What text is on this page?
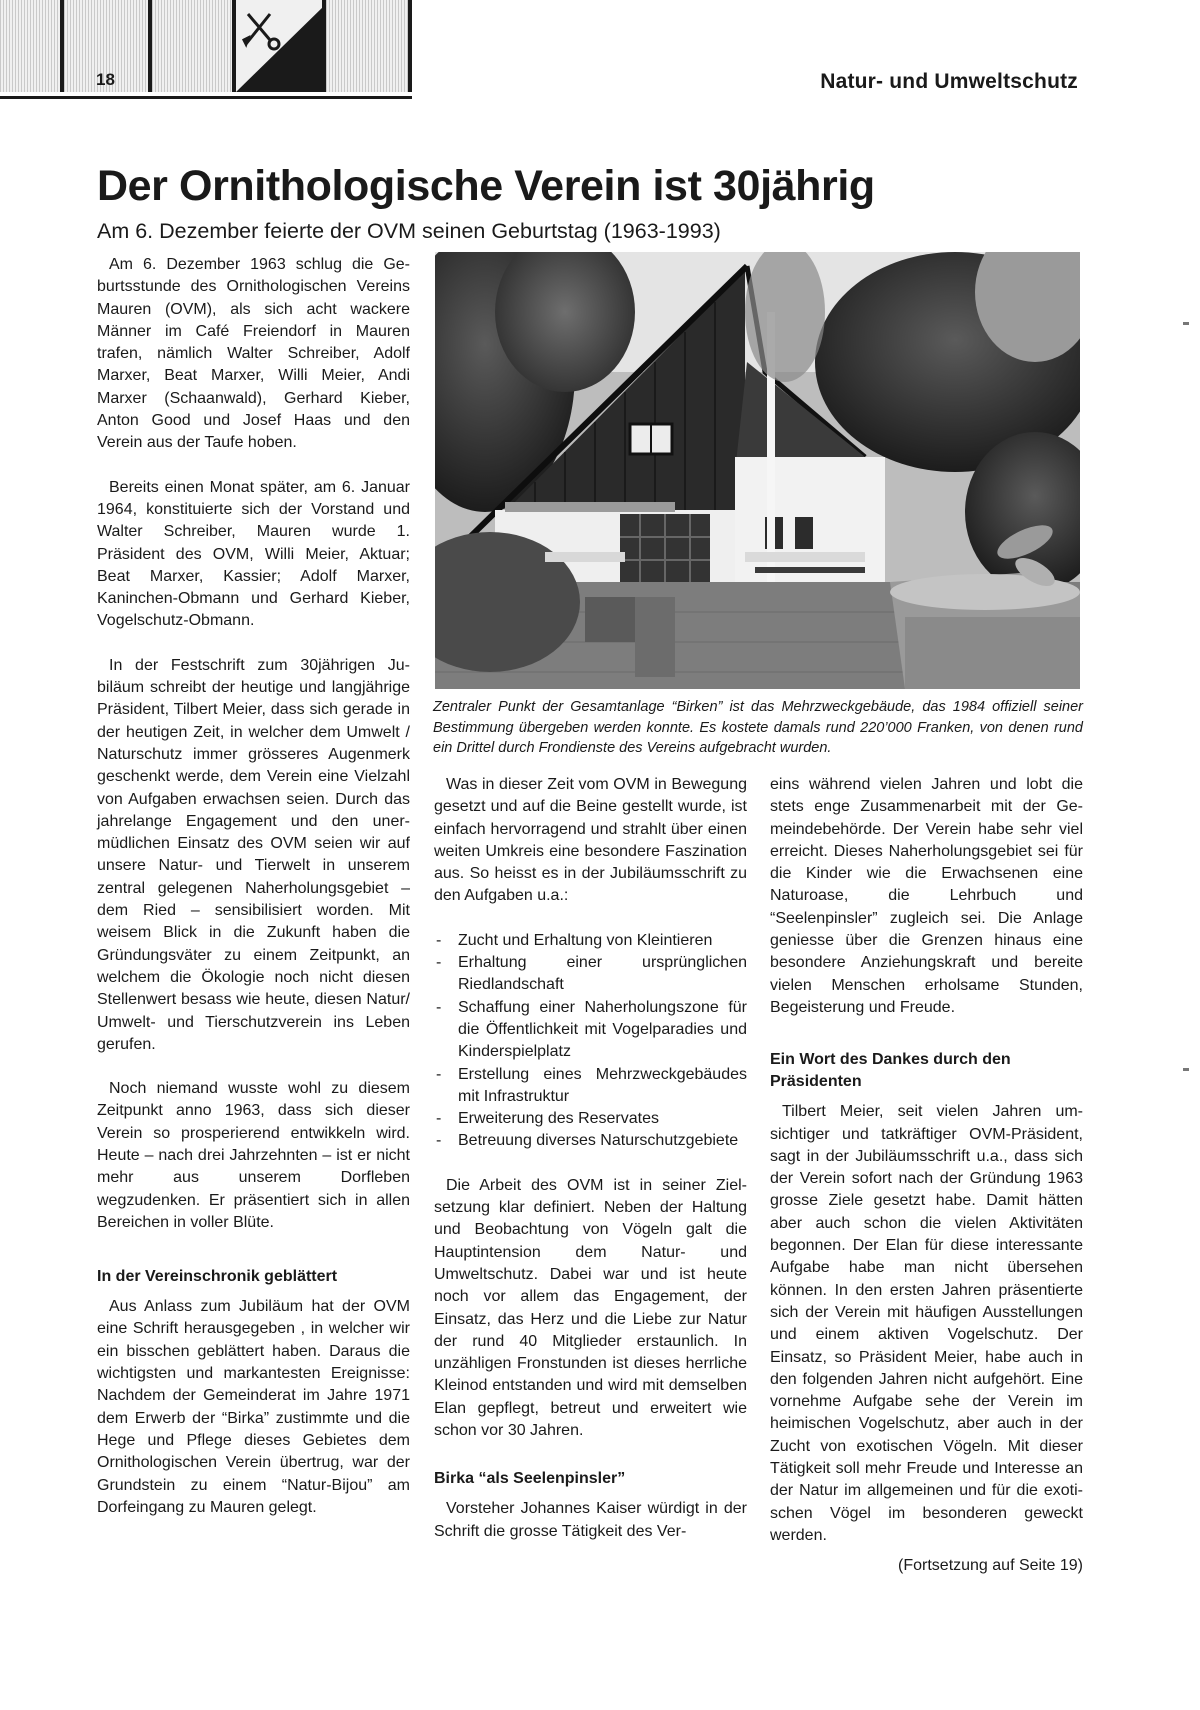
18	Natur- und Umweltschutz
Der Ornithologische Verein ist 30jährig
Am 6. Dezember feierte der OVM seinen Geburtstag (1963-1993)

Am 6. Dezember 1963 schlug die Geburtsstunde des Ornithologischen Vereins Mauren (OVM), als sich acht wackere Männer im Café Freiendorf in Mauren trafen, nämlich Walter Schreiber, Adolf Marxer, Beat Marxer, Willi Meier, Andi Marxer (Schaanwald), Gerhard Kieber, Anton Good und Josef Haas und den Verein aus der Taufe hoben.

Bereits einen Monat später, am 6. Januar 1964, konstituierte sich der Vorstand und Walter Schreiber, Mauren wurde 1. Präsident des OVM, Willi Meier, Aktuar; Beat Marxer, Kassier; Adolf Marxer, Kaninchen-Obmann und Gerhard Kieber, Vogelschutz-Obmann.

In der Festschrift zum 30jährigen Jubiläum schreibt der heutige und langjährige Präsident, Tilbert Meier, dass sich gerade in der heutigen Zeit, in welcher dem Umwelt / Naturschutz immer grösseres Augenmerk geschenkt werde, dem Verein eine Vielzahl von Aufgaben erwachsen seien. Durch das jahrelange Engagement und den unermüdlichen Einsatz des OVM seien wir auf unsere Natur- und Tierwelt in unserem zentral gelegenen Naherholungsgebiet – dem Ried – sensibilisiert worden. Mit weisem Blick in die Zukunft haben die Gründungsväter zu einem Zeitpunkt, an welchem die Ökologie noch nicht diesen Stellenwert besass wie heute, diesen Natur/ Umwelt- und Tierschutzverein ins Leben gerufen.

Noch niemand wusste wohl zu diesem Zeitpunkt anno 1963, dass sich dieser Verein so prosperierend entwikkeln wird. Heute – nach drei Jahrzehnten – ist er nicht mehr aus unserem Dorfleben wegzudenken. Er präsentiert sich in allen Bereichen in voller Blüte.

In der Vereinschronik geblättert

Aus Anlass zum Jubiläum hat der OVM eine Schrift herausgegeben , in welcher wir ein bisschen geblättert haben. Daraus die wichtigsten und markantesten Ereignisse: Nachdem der Gemeinderat im Jahre 1971 dem Erwerb der “Birka” zustimmte und die Hege und Pflege dieses Gebietes dem Ornithologischen Verein übertrug, war der Grundstein zu einem “Natur-Bijou” am Dorfeingang zu Mauren gelegt.

Zentraler Punkt der Gesamtanlage “Birken” ist das Mehrzweckgebäude, das 1984 offiziell seiner Bestimmung übergeben werden konnte. Es kostete damals rund 220’000 Franken, von denen rund ein Drittel durch Frondienste des Vereins aufgebracht wurden.

Was in dieser Zeit vom OVM in Bewegung gesetzt und auf die Beine gestellt wurde, ist einfach hervorragend und strahlt über einen weiten Umkreis eine besondere Faszination aus. So heisst es in der Jubiläumsschrift zu den Aufgaben u.a.:

- Zucht und Erhaltung von Kleintieren
- Erhaltung einer ursprünglichen Riedlandschaft
- Schaffung einer Naherholungszone für die Öffentlichkeit mit Vogelparadies und Kinderspielplatz
- Erstellung eines Mehrzweckgebäudes mit Infrastruktur
- Erweiterung des Reservates
- Betreuung diverses Naturschutzgebiete

Die Arbeit des OVM ist in seiner Zielsetzung klar definiert. Neben der Haltung und Beobachtung von Vögeln galt die Hauptintension dem Natur- und Umweltschutz. Dabei war und ist heute noch vor allem das Engagement, der Einsatz, das Herz und die Liebe zur Natur der rund 40 Mitglieder erstaunlich. In unzähligen Fronstunden ist dieses herrliche Kleinod entstanden und wird mit demselben Elan gepflegt, betreut und erweitert wie schon vor 30 Jahren.

Birka “als Seelenpinsler”

Vorsteher Johannes Kaiser würdigt in der Schrift die grosse Tätigkeit des Ver-

eins während vielen Jahren und lobt die stets enge Zusammenarbeit mit der Gemeindebehörde. Der Verein habe sehr viel erreicht. Dieses Naherholungsgebiet sei für die Kinder wie die Erwachsenen eine Naturoase, die Lehrbuch und “Seelenpinsler” zugleich sei. Die Anlage geniesse über die Grenzen hinaus eine besondere Anziehungskraft und bereite vielen Menschen erholsame Stunden, Begeisterung und Freude.

Ein Wort des Dankes durch den Präsidenten

Tilbert Meier, seit vielen Jahren umsichtiger und tatkräftiger OVM-Präsident, sagt in der Jubiläumsschrift u.a., dass sich der Verein sofort nach der Gründung 1963 grosse Ziele gesetzt habe. Damit hätten aber auch schon die vielen Aktivitäten begonnen. Der Elan für diese interessante Aufgabe habe man nicht übersehen können. In den ersten Jahren präsentierte sich der Verein mit häufigen Ausstellungen und einem aktiven Vogelschutz. Der Einsatz, so Präsident Meier, habe auch in den folgenden Jahren nicht aufgehört. Eine vornehme Aufgabe sehe der Verein im heimischen Vogelschutz, aber auch in der Zucht von exotischen Vögeln. Mit dieser Tätigkeit soll mehr Freude und Interesse an der Natur im allgemeinen und für die exotischen Vögel im besonderen geweckt werden.

(Fortsetzung auf Seite 19)
